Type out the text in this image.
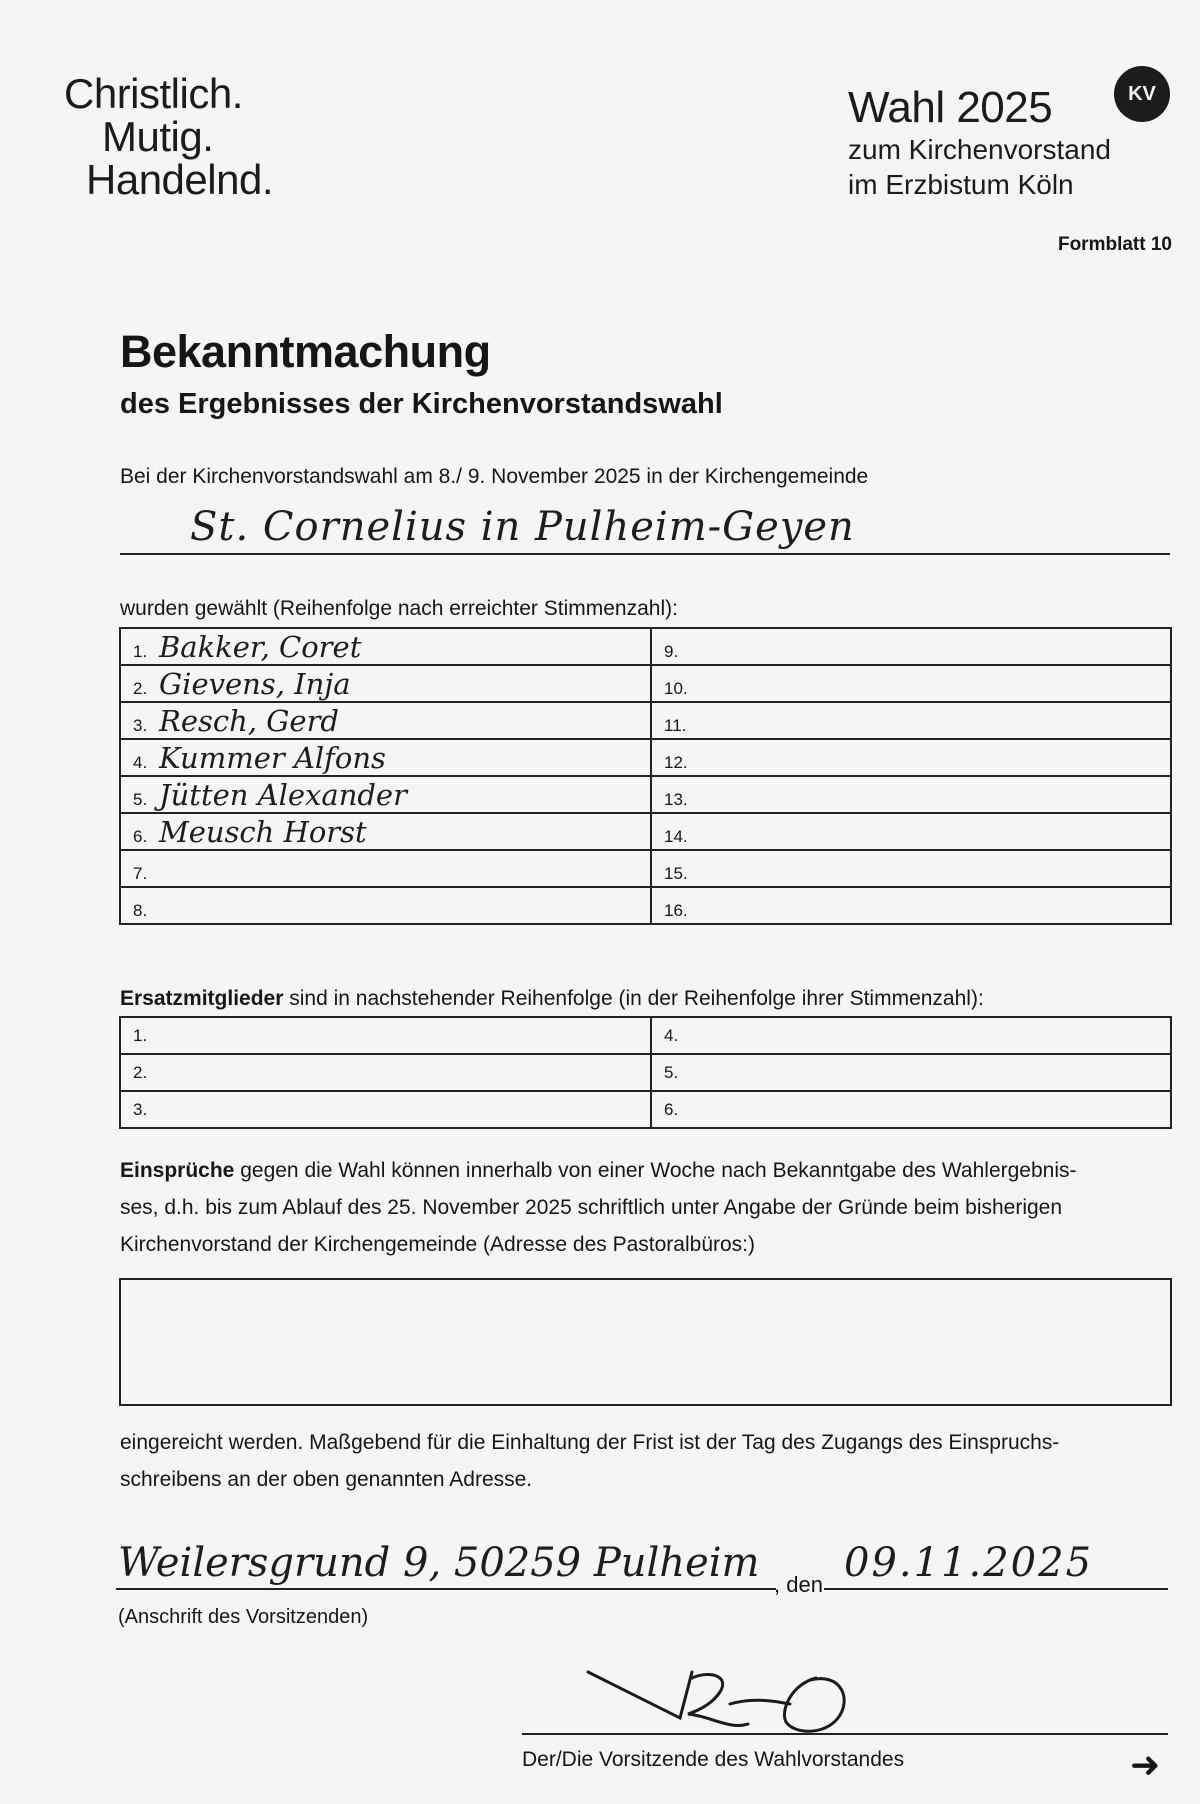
Christlich.
Mutig.
Handelnd.
Wahl 2025
zum Kirchenvorstand
im Erzbistum Köln
KV
Formblatt 10
Bekanntmachung
des Ergebnisses der Kirchenvorstandswahl
Bei der Kirchenvorstandswahl am 8./ 9. November 2025 in der Kirchengemeinde
St. Cornelius in Pulheim-Geyen
wurden gewählt (Reihenfolge nach erreichter Stimmenzahl):
1. Bakker, Coret	9.
2. Gievens, Inja	10.
3. Resch, Gerd	11.
4. Kummer Alfons	12.
5. Jütten Alexander	13.
6. Meusch Horst	14.
7.	15.
8.	16.
Ersatzmitglieder sind in nachstehender Reihenfolge (in der Reihenfolge ihrer Stimmenzahl):
1.	4.
2.	5.
3.	6.
Einsprüche gegen die Wahl können innerhalb von einer Woche nach Bekanntgabe des Wahlergebnis-
ses, d.h. bis zum Ablauf des 25. November 2025 schriftlich unter Angabe der Gründe beim bisherigen
Kirchenvorstand der Kirchengemeinde (Adresse des Pastoralbüros:)
eingereicht werden. Maßgebend für die Einhaltung der Frist ist der Tag des Zugangs des Einspruchs-
schreibens an der oben genannten Adresse.
Weilersgrund 9, 50259 Pulheim , den 09.11.2025
(Anschrift des Vorsitzenden)
Der/Die Vorsitzende des Wahlvorstandes	➜
